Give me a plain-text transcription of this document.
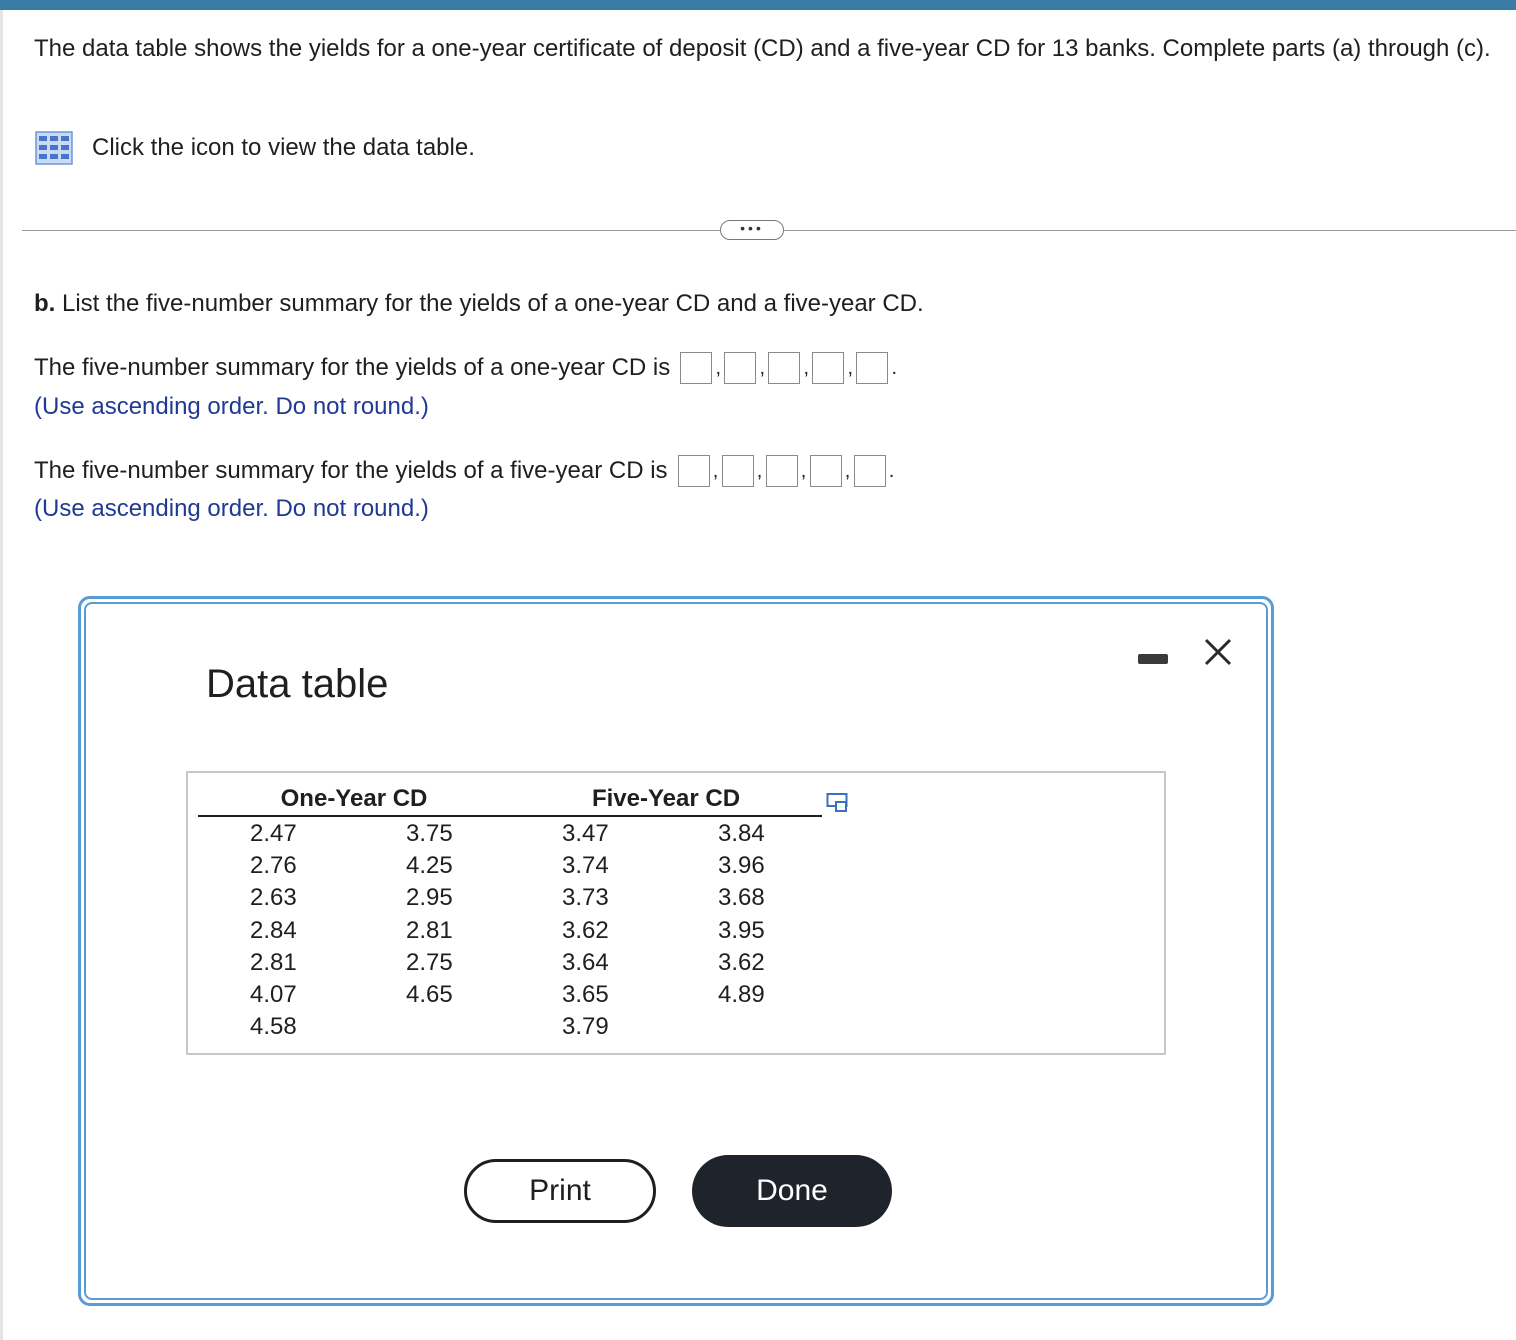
The data table shows the yields for a one-year certificate of deposit (CD) and a five-year CD for 13 banks. Complete parts (a) through (c).
Click the icon to view the data table.
•••
b. List the five-number summary for the yields of a one-year CD and a five-year CD.
The five-number summary for the yields of a one-year CD is , , , , .
(Use ascending order. Do not round.)
The five-number summary for the yields of a five-year CD is , , , , .
(Use ascending order. Do not round.)
Data table
One-Year CD	Five-Year CD
2.47
2.76
2.63
2.84
2.81
4.07
4.58
3.75
4.25
2.95
2.81
2.75
4.65
3.47
3.74
3.73
3.62
3.64
3.65
3.79
3.84
3.96
3.68
3.95
3.62
4.89
Print	Done
